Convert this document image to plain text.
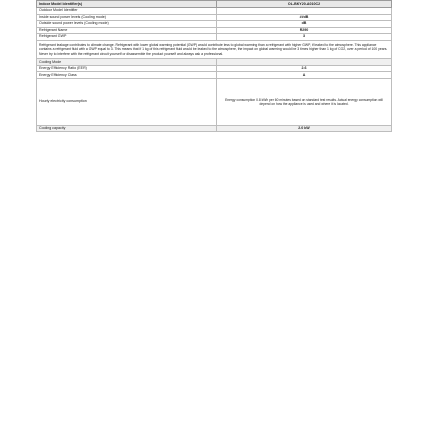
Indoor Model Identifier(s)	OL-BKY20-A010C2
Outdoor Model Identifier	
Inside sound power levels (Cooling mode)	##dB
Outside sound power levels (Cooling mode)	dB
Refrigerant Name	R290
Refrigerant GWP	3
Refrigerant leakage contributes to climate change. Refrigerant with lower global warming potential (GWP) would contribute less to global warming than a refrigerant with higher GWP, if leaked to the atmosphere. This appliance contains a refrigerant fluid with a GWP equal to 3. This means that if 1 kg of this refrigerant fluid would be leaked to the atmosphere, the impact on global warming would be 3 times higher than 1 kg of CO2, over a period of 100 years. Never try to interfere with the refrigerant circuit yourself or disassemble the product yourself and always ask a professional.	
Cooling Mode	
Energy Efficiency Ratio (EER)	2.6
Energy Efficiency Class	A
Hourly electricity consumption	Energy consumption 0.8 kWh per 60 minutes based on standard test results. Actual energy consumption will depend on how the appliance is used and where it is located.
Cooling capacity	2.0 kW
